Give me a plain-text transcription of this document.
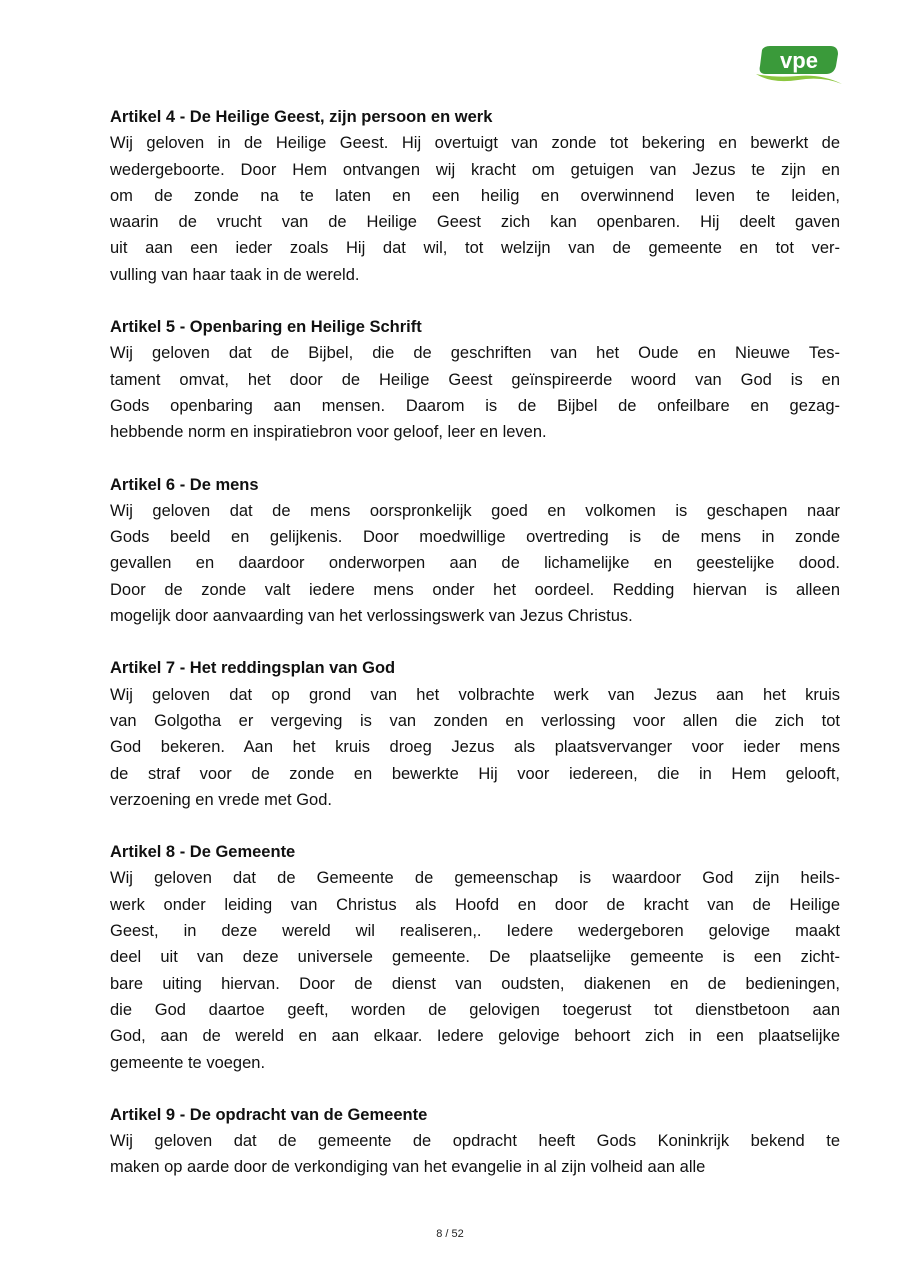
vpe
Artikel 4 - De Heilige Geest, zijn persoon en werk
Wij geloven in de Heilige Geest. Hij overtuigt van zonde tot bekering en bewerkt de
wedergeboorte. Door Hem ontvangen wij kracht om getuigen van Jezus te zijn en
om de zonde na te laten en een heilig en overwinnend leven te leiden,
waarin de vrucht van de Heilige Geest zich kan openbaren. Hij deelt gaven
uit aan een ieder zoals Hij dat wil, tot welzijn van de gemeente en tot ver-
vulling van haar taak in de wereld.
Artikel 5 - Openbaring en Heilige Schrift
Wij geloven dat de Bijbel, die de geschriften van het Oude en Nieuwe Tes-
tament omvat, het door de Heilige Geest geïnspireerde woord van God is en
Gods openbaring aan mensen. Daarom is de Bijbel de onfeilbare en gezag-
hebbende norm en inspiratiebron voor geloof, leer en leven.
Artikel 6 - De mens
Wij geloven dat de mens oorspronkelijk goed en volkomen is geschapen naar
Gods beeld en gelijkenis. Door moedwillige overtreding is de mens in zonde
gevallen en daardoor onderworpen aan de lichamelijke en geestelijke dood.
Door de zonde valt iedere mens onder het oordeel. Redding hiervan is alleen
mogelijk door aanvaarding van het verlossingswerk van Jezus Christus.
Artikel 7 - Het reddingsplan van God
Wij geloven dat op grond van het volbrachte werk van Jezus aan het kruis
van Golgotha er vergeving is van zonden en verlossing voor allen die zich tot
God bekeren. Aan het kruis droeg Jezus als plaatsvervanger voor ieder mens
de straf voor de zonde en bewerkte Hij voor iedereen, die in Hem gelooft,
verzoening en vrede met God.
Artikel 8 - De Gemeente
Wij geloven dat de Gemeente de gemeenschap is waardoor God zijn heils-
werk onder leiding van Christus als Hoofd en door de kracht van de Heilige
Geest, in deze wereld wil realiseren,. Iedere wedergeboren gelovige maakt
deel uit van deze universele gemeente. De plaatselijke gemeente is een zicht-
bare uiting hiervan. Door de dienst van oudsten, diakenen en de bedieningen,
die God daartoe geeft, worden de gelovigen toegerust tot dienstbetoon aan
God, aan de wereld en aan elkaar. Iedere gelovige behoort zich in een plaatselijke
gemeente te voegen.
Artikel 9 - De opdracht van de Gemeente
Wij geloven dat de gemeente de opdracht heeft Gods Koninkrijk bekend te
maken op aarde door de verkondiging van het evangelie in al zijn volheid aan alle
8 / 52
